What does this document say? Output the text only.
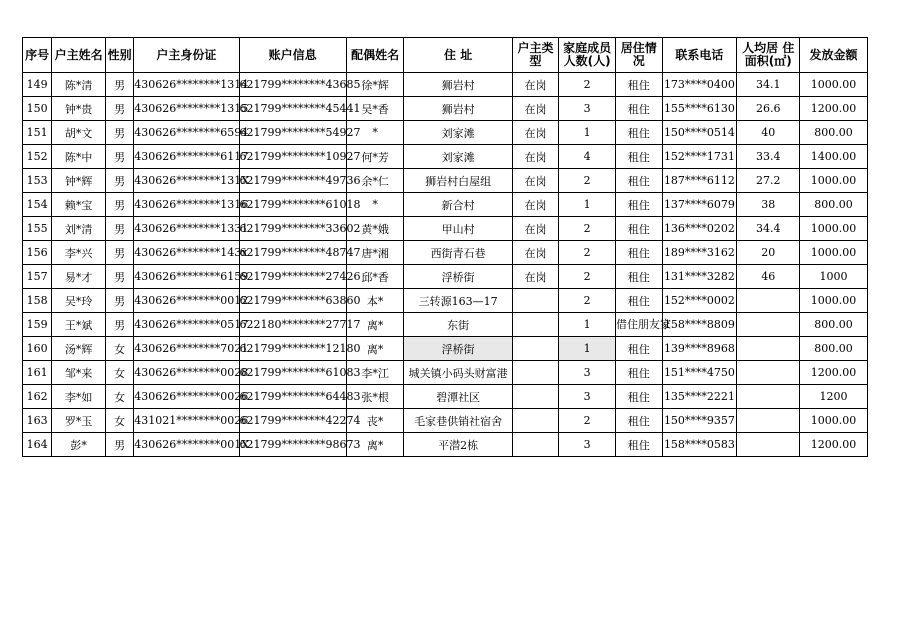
序号	户主姓名	性别	户主身份证	账户信息	配偶姓名	住 址	户主类型	家庭成员人数(人)	居住情况	联系电话	人均居 住面积(㎡)	发放金额
149	陈*清	男	430626********1314	621799********43685	徐*辉	狮岩村	在岗	2	租住	173****0400	34.1	1000.00
150	钟*贵	男	430626********1315	621799********45441	吴*香	狮岩村	在岗	3	租住	155****6130	26.6	1200.00
151	胡*文	男	430626********6594	621799********54927	*	刘家滩	在岗	1	租住	150****0514	40	800.00
152	陈*中	男	430626********6117	621799********10927	何*芳	刘家滩	在岗	4	租住	152****1731	33.4	1400.00
153	钟*辉	男	430626********131X	621799********49736	余*仁	狮岩村白屋组	在岗	2	租住	187****6112	27.2	1000.00
154	赖*宝	男	430626********1316	621799********61018	*	新合村	在岗	1	租住	137****6079	38	800.00
155	刘*清	男	430626********1331	621799********33602	黄*娥	甲山村	在岗	2	租住	136****0202	34.4	1000.00
156	李*兴	男	430626********143x	621799********48747	唐*湘	西街青石巷	在岗	2	租住	189****3162	20	1000.00
157	易*才	男	430626********6159	621799********27426	邱*香	浮桥街	在岗	2	租住	131****3282	46	1000
158	吴*玲	男	430626********0012	621799********63860	本*	三转源163—17		2	租住	152****0002		1000.00
159	王*斌	男	430626********0517	622180********27717	离*	东街		1	借住朋友家	158****8809		800.00
160	汤*辉	女	430626********7021	621799********12180	离*	浮桥街		1	租住	139****8968		800.00
161	邹*来	女	430626********0028	621799********61083	李*江	城关镇小码头财富港		3	租住	151****4750		1200.00
162	李*如	女	430626********0026	621799********64483	张*根	碧潭社区		3	租住	135****2221		1200
163	罗*玉	女	431021********0026	621799********42274	丧*	毛家巷供销社宿舍		2	租住	150****9357		1000.00
164	彭*	男	430626********001X	621799********98673	离*	平潜2栋		3	租住	158****0583		1200.00
